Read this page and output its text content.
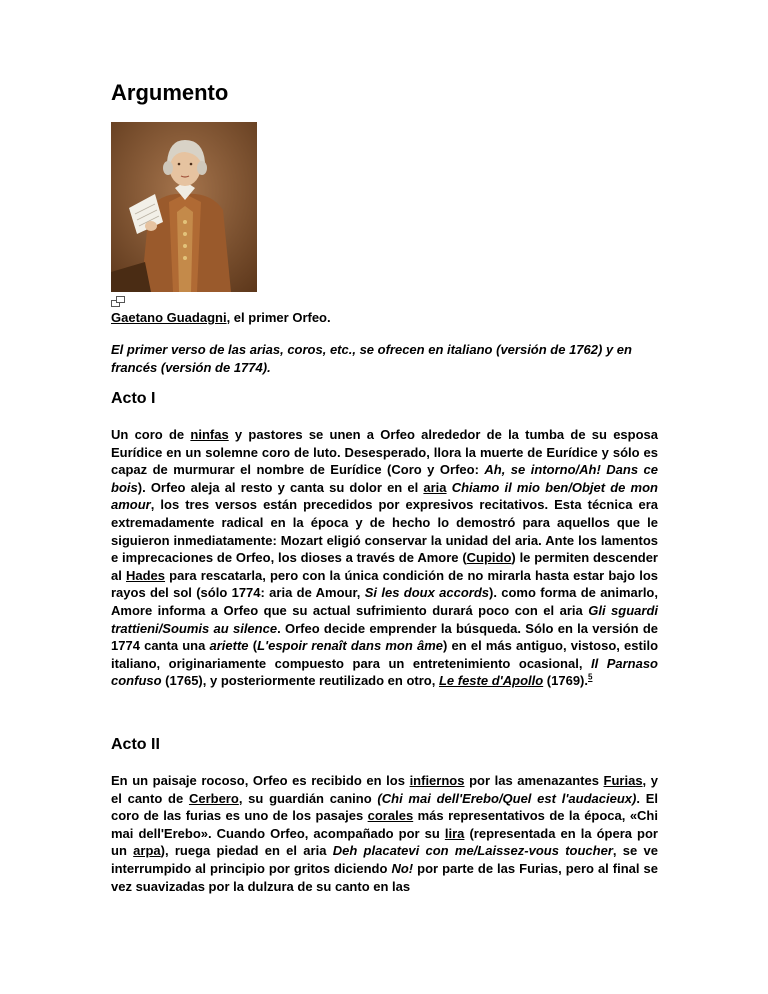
Argumento
Gaetano Guadagni, el primer Orfeo.

El primer verso de las arias, coros, etc., se ofrecen en italiano (versión de 1762) y en francés (versión de 1774).

Acto I

Un coro de ninfas y pastores se unen a Orfeo alrededor de la tumba de su esposa Eurídice en un solemne coro de luto. Desesperado, llora la muerte de Eurídice y sólo es capaz de murmurar el nombre de Eurídice (Coro y Orfeo: Ah, se intorno/Ah! Dans ce bois). Orfeo aleja al resto y canta su dolor en el aria Chiamo il mio ben/Objet de mon amour, los tres versos están precedidos por expresivos recitativos. Esta técnica era extremadamente radical en la época y de hecho lo demostró para aquellos que le siguieron inmediatamente: Mozart eligió conservar la unidad del aria. Ante los lamentos e imprecaciones de Orfeo, los dioses a través de Amore (Cupido) le permiten descender al Hades para rescatarla, pero con la única condición de no mirarla hasta estar bajo los rayos del sol (sólo 1774: aria de Amour, Si les doux accords). como forma de animarlo, Amore informa a Orfeo que su actual sufrimiento durará poco con el aria Gli sguardi trattieni/Soumis au silence. Orfeo decide emprender la búsqueda. Sólo en la versión de 1774 canta una ariette (L'espoir renaît dans mon âme) en el más antiguo, vistoso, estilo italiano, originariamente compuesto para un entretenimiento ocasional, Il Parnaso confuso (1765), y posteriormente reutilizado en otro, Le feste d'Apollo (1769).$^5$

Acto II

En un paisaje rocoso, Orfeo es recibido en los infiernos por las amenazantes Furias, y el canto de Cerbero, su guardián canino (Chi mai dell'Erebo/Quel est l'audacieux). El coro de las furias es uno de los pasajes corales más representativos de la época, «Chi mai dell'Erebo». Cuando Orfeo, acompañado por su lira (representada en la ópera por un arpa), ruega piedad en el aria Deh placatevi con me/Laissez-vous toucher, se ve interrumpido al principio por gritos diciendo No! por parte de las Furias, pero al final se vez suavizadas por la dulzura de su canto en las
